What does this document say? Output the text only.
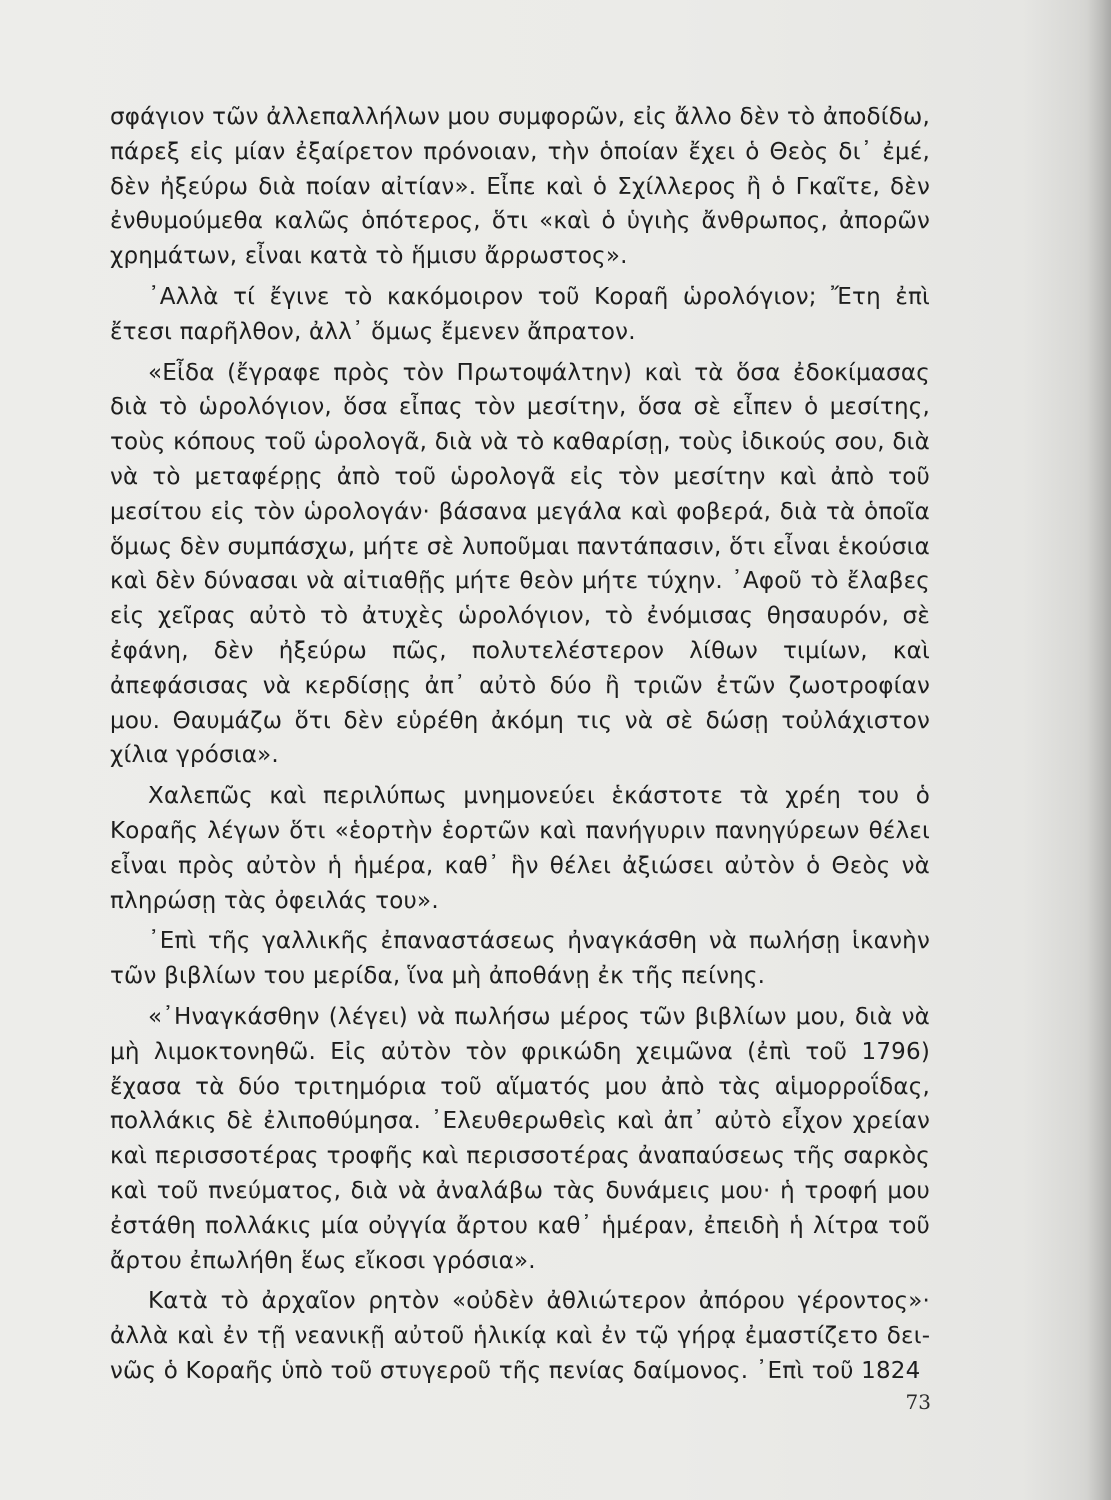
σφάγιον τῶν ἀλλεπαλλήλων μου συμφορῶν, εἰς ἄλλο δὲν τὸ ἀποδίδω, πάρεξ εἰς μίαν ἐξαίρετον πρόνοιαν, τὴν ὁποίαν ἔχει ὁ Θεὸς δι᾽ ἐμέ, δὲν ἠξεύρω διὰ ποίαν αἰτίαν». Εἶπε καὶ ὁ Σχίλλερος ἢ ὁ Γκαῖτε, δὲν ἐνθυμούμεθα καλῶς ὁπότερος, ὅτι «καὶ ὁ ὑγιὴς ἄνθρωπος, ἀπορῶν χρημάτων, εἶναι κατὰ τὸ ἥμισυ ἄρρωστος».

᾽Αλλὰ τί ἔγινε τὸ κακόμοιρον τοῦ Κοραῆ ὡρολόγιον; Ἔτη ἐπὶ ἔτεσι παρῆλθον, ἀλλ᾽ ὅμως ἔμενεν ἄπρατον.

«Εἶδα (ἔγραφε πρὸς τὸν Πρωτοψάλτην) καὶ τὰ ὅσα ἐδοκίμασας διὰ τὸ ὡρολόγιον, ὅσα εἶπας τὸν μεσίτην, ὅσα σὲ εἶπεν ὁ μεσίτης, τοὺς κόπους τοῦ ὡρολογᾶ, διὰ νὰ τὸ καθαρίσῃ, τοὺς ἰδικούς σου, διὰ νὰ τὸ μεταφέρῃς ἀπὸ τοῦ ὡρολογᾶ εἰς τὸν μεσίτην καὶ ἀπὸ τοῦ μεσίτου εἰς τὸν ὡρολογάν· βάσανα μεγάλα καὶ φοβερά, διὰ τὰ ὁποῖα ὅμως δὲν συμπάσχω, μήτε σὲ λυποῦμαι παντάπασιν, ὅτι εἶναι ἑκούσια καὶ δὲν δύνασαι νὰ αἰτιαθῇς μήτε θεὸν μήτε τύχην. ᾽Αφοῦ τὸ ἔλαβες εἰς χεῖρας αὐτὸ τὸ ἀτυχὲς ὡρολόγιον, τὸ ἐνόμισας θησαυρόν, σὲ ἐφάνη, δὲν ἠξεύρω πῶς, πολυτελέστερον λίθων τιμίων, καὶ ἀπεφάσισας νὰ κερδίσῃς ἀπ᾽ αὐτὸ δύο ἢ τριῶν ἐτῶν ζωοτροφίαν μου. Θαυμάζω ὅτι δὲν εὑρέθη ἀκόμη τις νὰ σὲ δώσῃ τοὐλάχιστον χίλια γρόσια».

Χαλεπῶς καὶ περιλύπως μνημονεύει ἑκάστοτε τὰ χρέη του ὁ Κοραῆς λέγων ὅτι «ἑορτὴν ἑορτῶν καὶ πανήγυριν πανηγύρεων θέλει εἶναι πρὸς αὐτὸν ἡ ἡμέρα, καθ᾽ ἣν θέλει ἀξιώσει αὐτὸν ὁ Θεὸς νὰ πληρώσῃ τὰς ὀφειλάς του».

᾽Επὶ τῆς γαλλικῆς ἐπαναστάσεως ἠναγκάσθη νὰ πωλήσῃ ἱκανὴν τῶν βιβλίων του μερίδα, ἵνα μὴ ἀποθάνῃ ἐκ τῆς πείνης.

«᾽Ηναγκάσθην (λέγει) νὰ πωλήσω μέρος τῶν βιβλίων μου, διὰ νὰ μὴ λιμοκτονηθῶ. Εἰς αὐτὸν τὸν φρικώδη χειμῶνα (ἐπὶ τοῦ 1796) ἔχασα τὰ δύο τριτημόρια τοῦ αἵματός μου ἀπὸ τὰς αἱμορροΐδας, πολλάκις δὲ ἐλιποθύμησα. ᾽Ελευθερωθεὶς καὶ ἀπ᾽ αὐτὸ εἶχον χρείαν καὶ περισσοτέρας τροφῆς καὶ περισσοτέρας ἀναπαύσεως τῆς σαρκὸς καὶ τοῦ πνεύματος, διὰ νὰ ἀναλάβω τὰς δυνάμεις μου· ἡ τροφή μου ἐστάθη πολλάκις μία οὐγγία ἄρτου καθ᾽ ἡμέραν, ἐπειδὴ ἡ λίτρα τοῦ ἄρτου ἐπωλήθη ἕως εἴκοσι γρόσια».

Κατὰ τὸ ἀρχαῖον ρητὸν «οὐδὲν ἀθλιώτερον ἀπόρου γέροντος»· ἀλλὰ καὶ ἐν τῇ νεανικῇ αὐτοῦ ἡλικίᾳ καὶ ἐν τῷ γήρᾳ ἐμαστίζετο δεινῶς ὁ Κοραῆς ὑπὸ τοῦ στυγεροῦ τῆς πενίας δαίμονος. ᾽Επὶ τοῦ 1824

73
